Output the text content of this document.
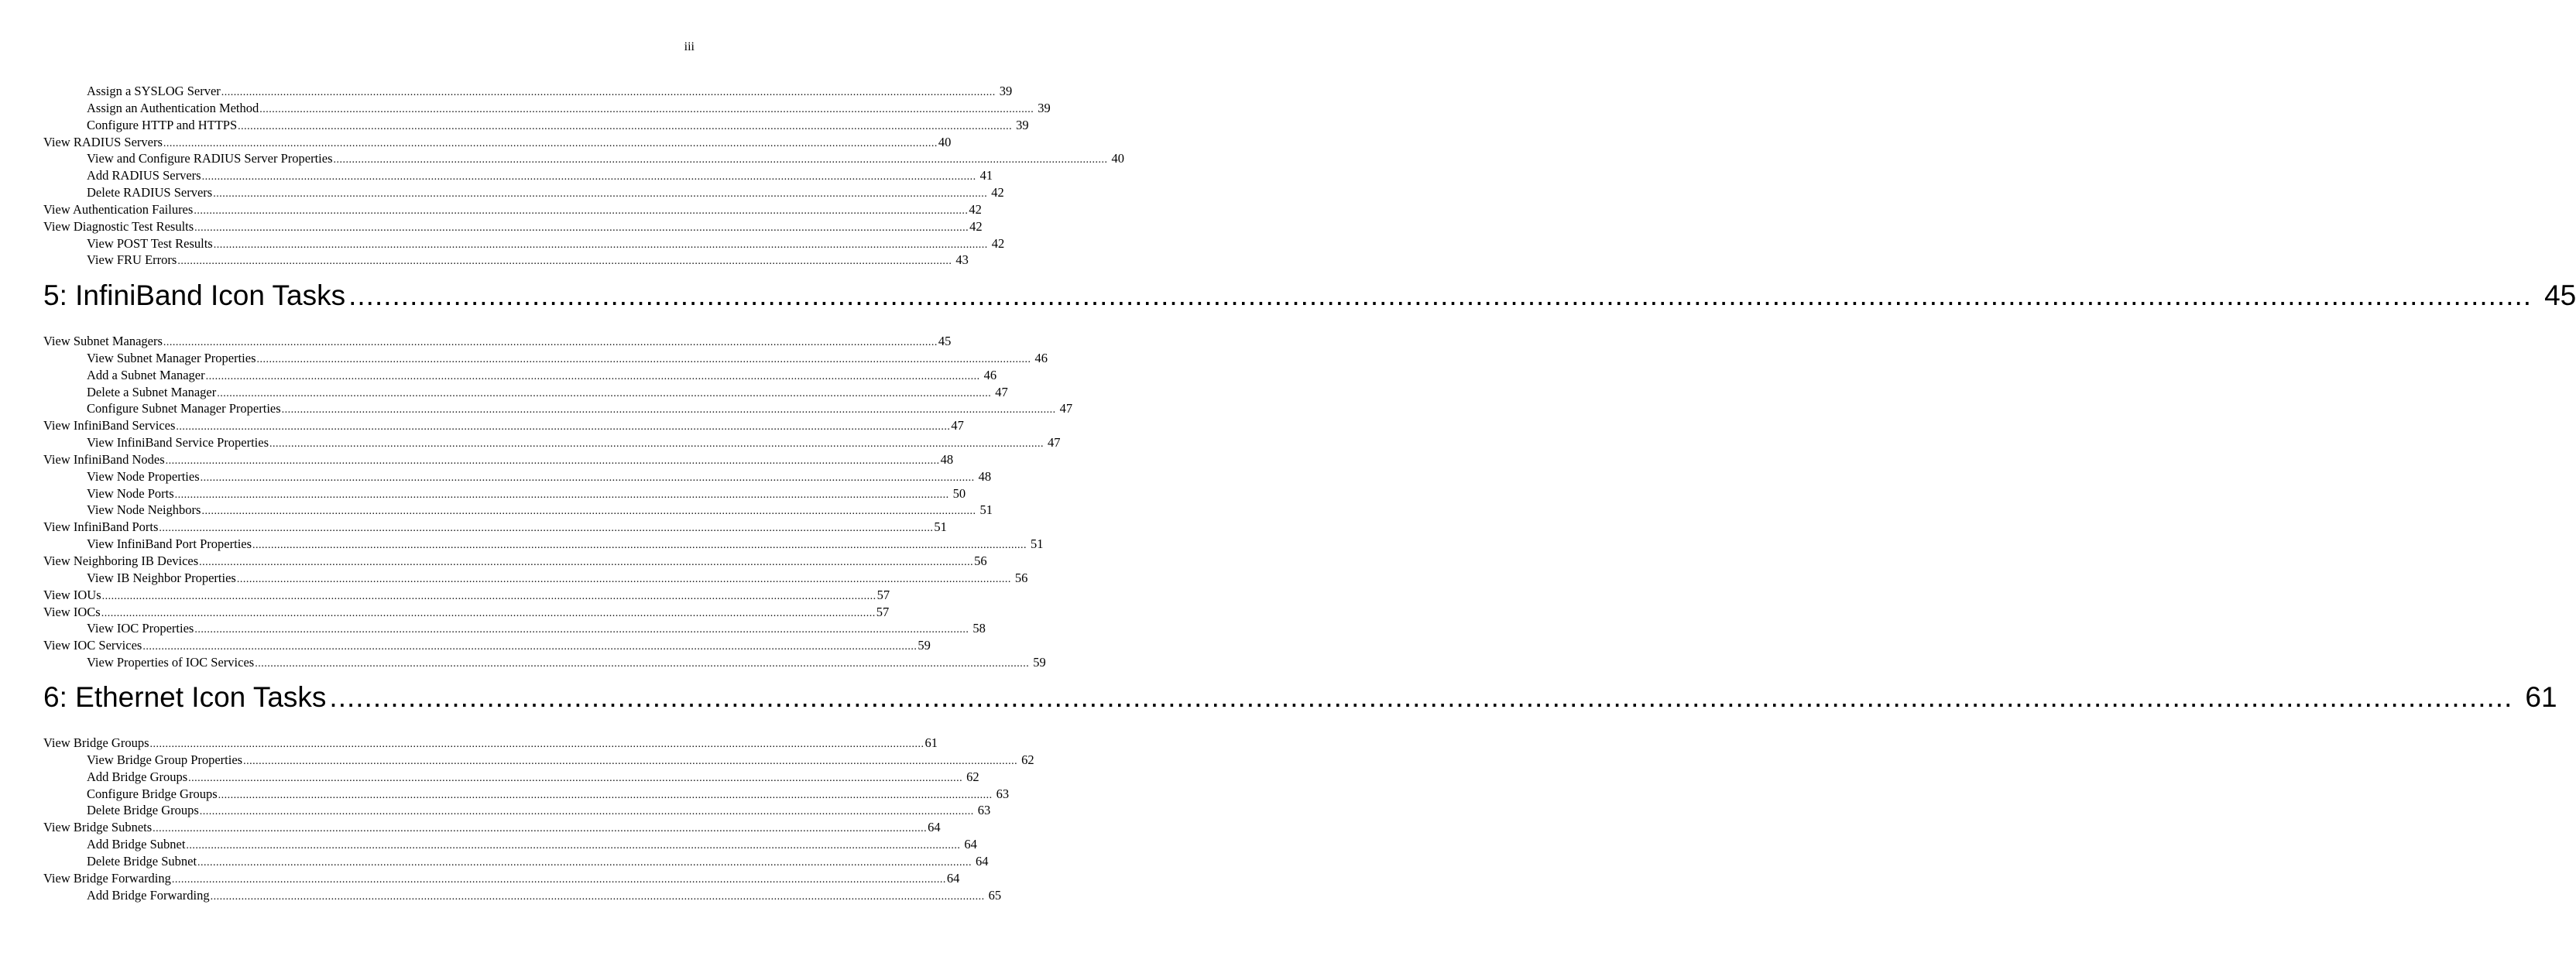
iii
Assign a SYSLOG Server .......................................................................................................................................................................................................................................................... 39
Assign an Authentication Method .......................................................................................................................................................................................................................................................... 39
Configure HTTP and HTTPS .......................................................................................................................................................................................................................................................... 39
View RADIUS Servers .......................................................................................................................................................................................................................................................... 40
View and Configure RADIUS Server Properties .......................................................................................................................................................................................................................................................... 40
Add RADIUS Servers .......................................................................................................................................................................................................................................................... 41
Delete RADIUS Servers .......................................................................................................................................................................................................................................................... 42
View Authentication Failures .......................................................................................................................................................................................................................................................... 42
View Diagnostic Test Results .......................................................................................................................................................................................................................................................... 42
View POST Test Results .......................................................................................................................................................................................................................................................... 42
View FRU Errors .......................................................................................................................................................................................................................................................... 43
5: InfiniBand Icon Tasks .......................................................................................................................................................................................................................................................... 45
View Subnet Managers .......................................................................................................................................................................................................................................................... 45
View Subnet Manager Properties .......................................................................................................................................................................................................................................................... 46
Add a Subnet Manager .......................................................................................................................................................................................................................................................... 46
Delete a Subnet Manager .......................................................................................................................................................................................................................................................... 47
Configure Subnet Manager Properties .......................................................................................................................................................................................................................................................... 47
View InfiniBand Services .......................................................................................................................................................................................................................................................... 47
View InfiniBand Service Properties .......................................................................................................................................................................................................................................................... 47
View InfiniBand Nodes .......................................................................................................................................................................................................................................................... 48
View Node Properties .......................................................................................................................................................................................................................................................... 48
View Node Ports .......................................................................................................................................................................................................................................................... 50
View Node Neighbors .......................................................................................................................................................................................................................................................... 51
View InfiniBand Ports .......................................................................................................................................................................................................................................................... 51
View InfiniBand Port Properties .......................................................................................................................................................................................................................................................... 51
View Neighboring IB Devices .......................................................................................................................................................................................................................................................... 56
View IB Neighbor Properties .......................................................................................................................................................................................................................................................... 56
View IOUs .......................................................................................................................................................................................................................................................... 57
View IOCs .......................................................................................................................................................................................................................................................... 57
View IOC Properties .......................................................................................................................................................................................................................................................... 58
View IOC Services .......................................................................................................................................................................................................................................................... 59
View Properties of IOC Services .......................................................................................................................................................................................................................................................... 59
6: Ethernet Icon Tasks .......................................................................................................................................................................................................................................................... 61
View Bridge Groups .......................................................................................................................................................................................................................................................... 61
View Bridge Group Properties .......................................................................................................................................................................................................................................................... 62
Add Bridge Groups .......................................................................................................................................................................................................................................................... 62
Configure Bridge Groups .......................................................................................................................................................................................................................................................... 63
Delete Bridge Groups .......................................................................................................................................................................................................................................................... 63
View Bridge Subnets .......................................................................................................................................................................................................................................................... 64
Add Bridge Subnet .......................................................................................................................................................................................................................................................... 64
Delete Bridge Subnet .......................................................................................................................................................................................................................................................... 64
View Bridge Forwarding .......................................................................................................................................................................................................................................................... 64
Add Bridge Forwarding .......................................................................................................................................................................................................................................................... 65
